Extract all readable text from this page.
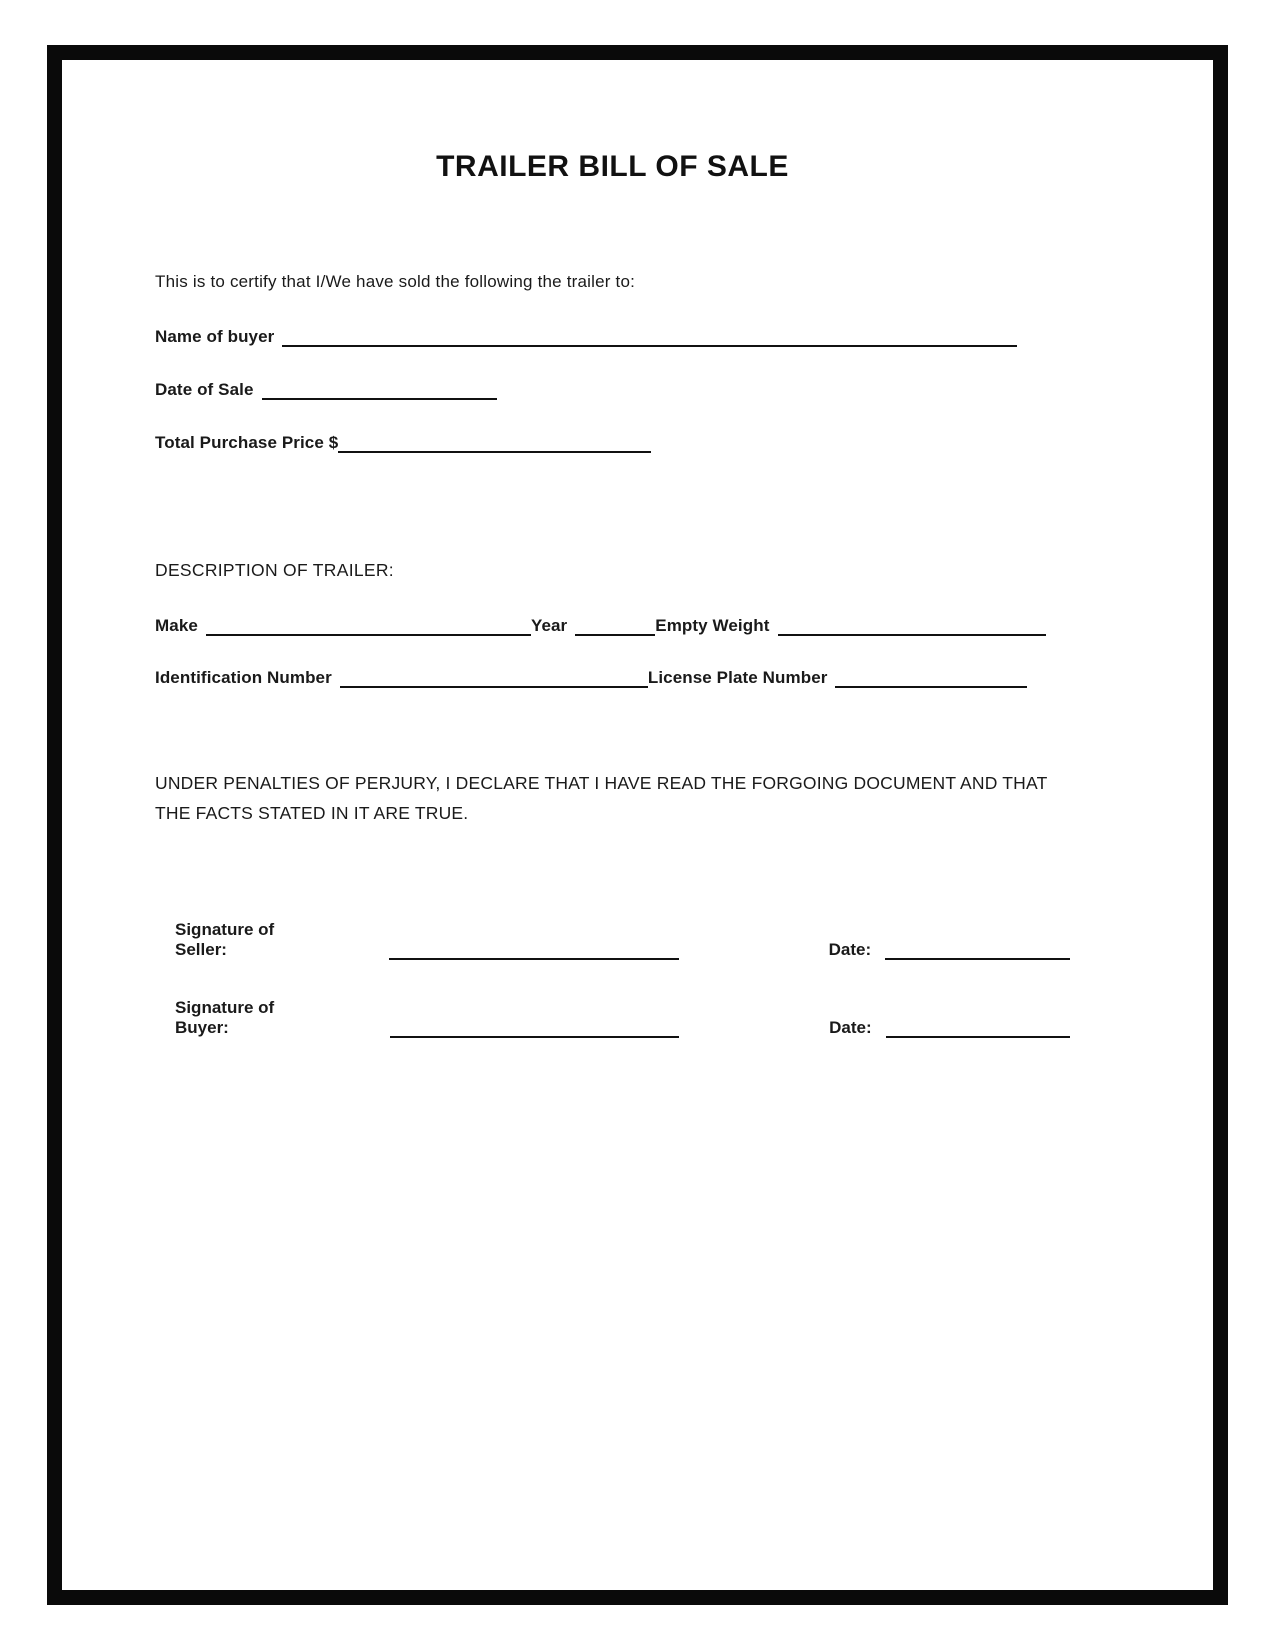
TRAILER BILL OF SALE

This is to certify that I/We have sold the following the trailer to:

Name of buyer
Date of Sale
Total Purchase Price $

DESCRIPTION OF TRAILER:

Make	Year	Empty Weight
Identification Number	License Plate Number

UNDER PENALTIES OF PERJURY, I DECLARE THAT I HAVE READ THE FORGOING DOCUMENT AND THAT THE FACTS STATED IN IT ARE TRUE.

Signature of Seller:	Date:
Signature of Buyer:	Date:
